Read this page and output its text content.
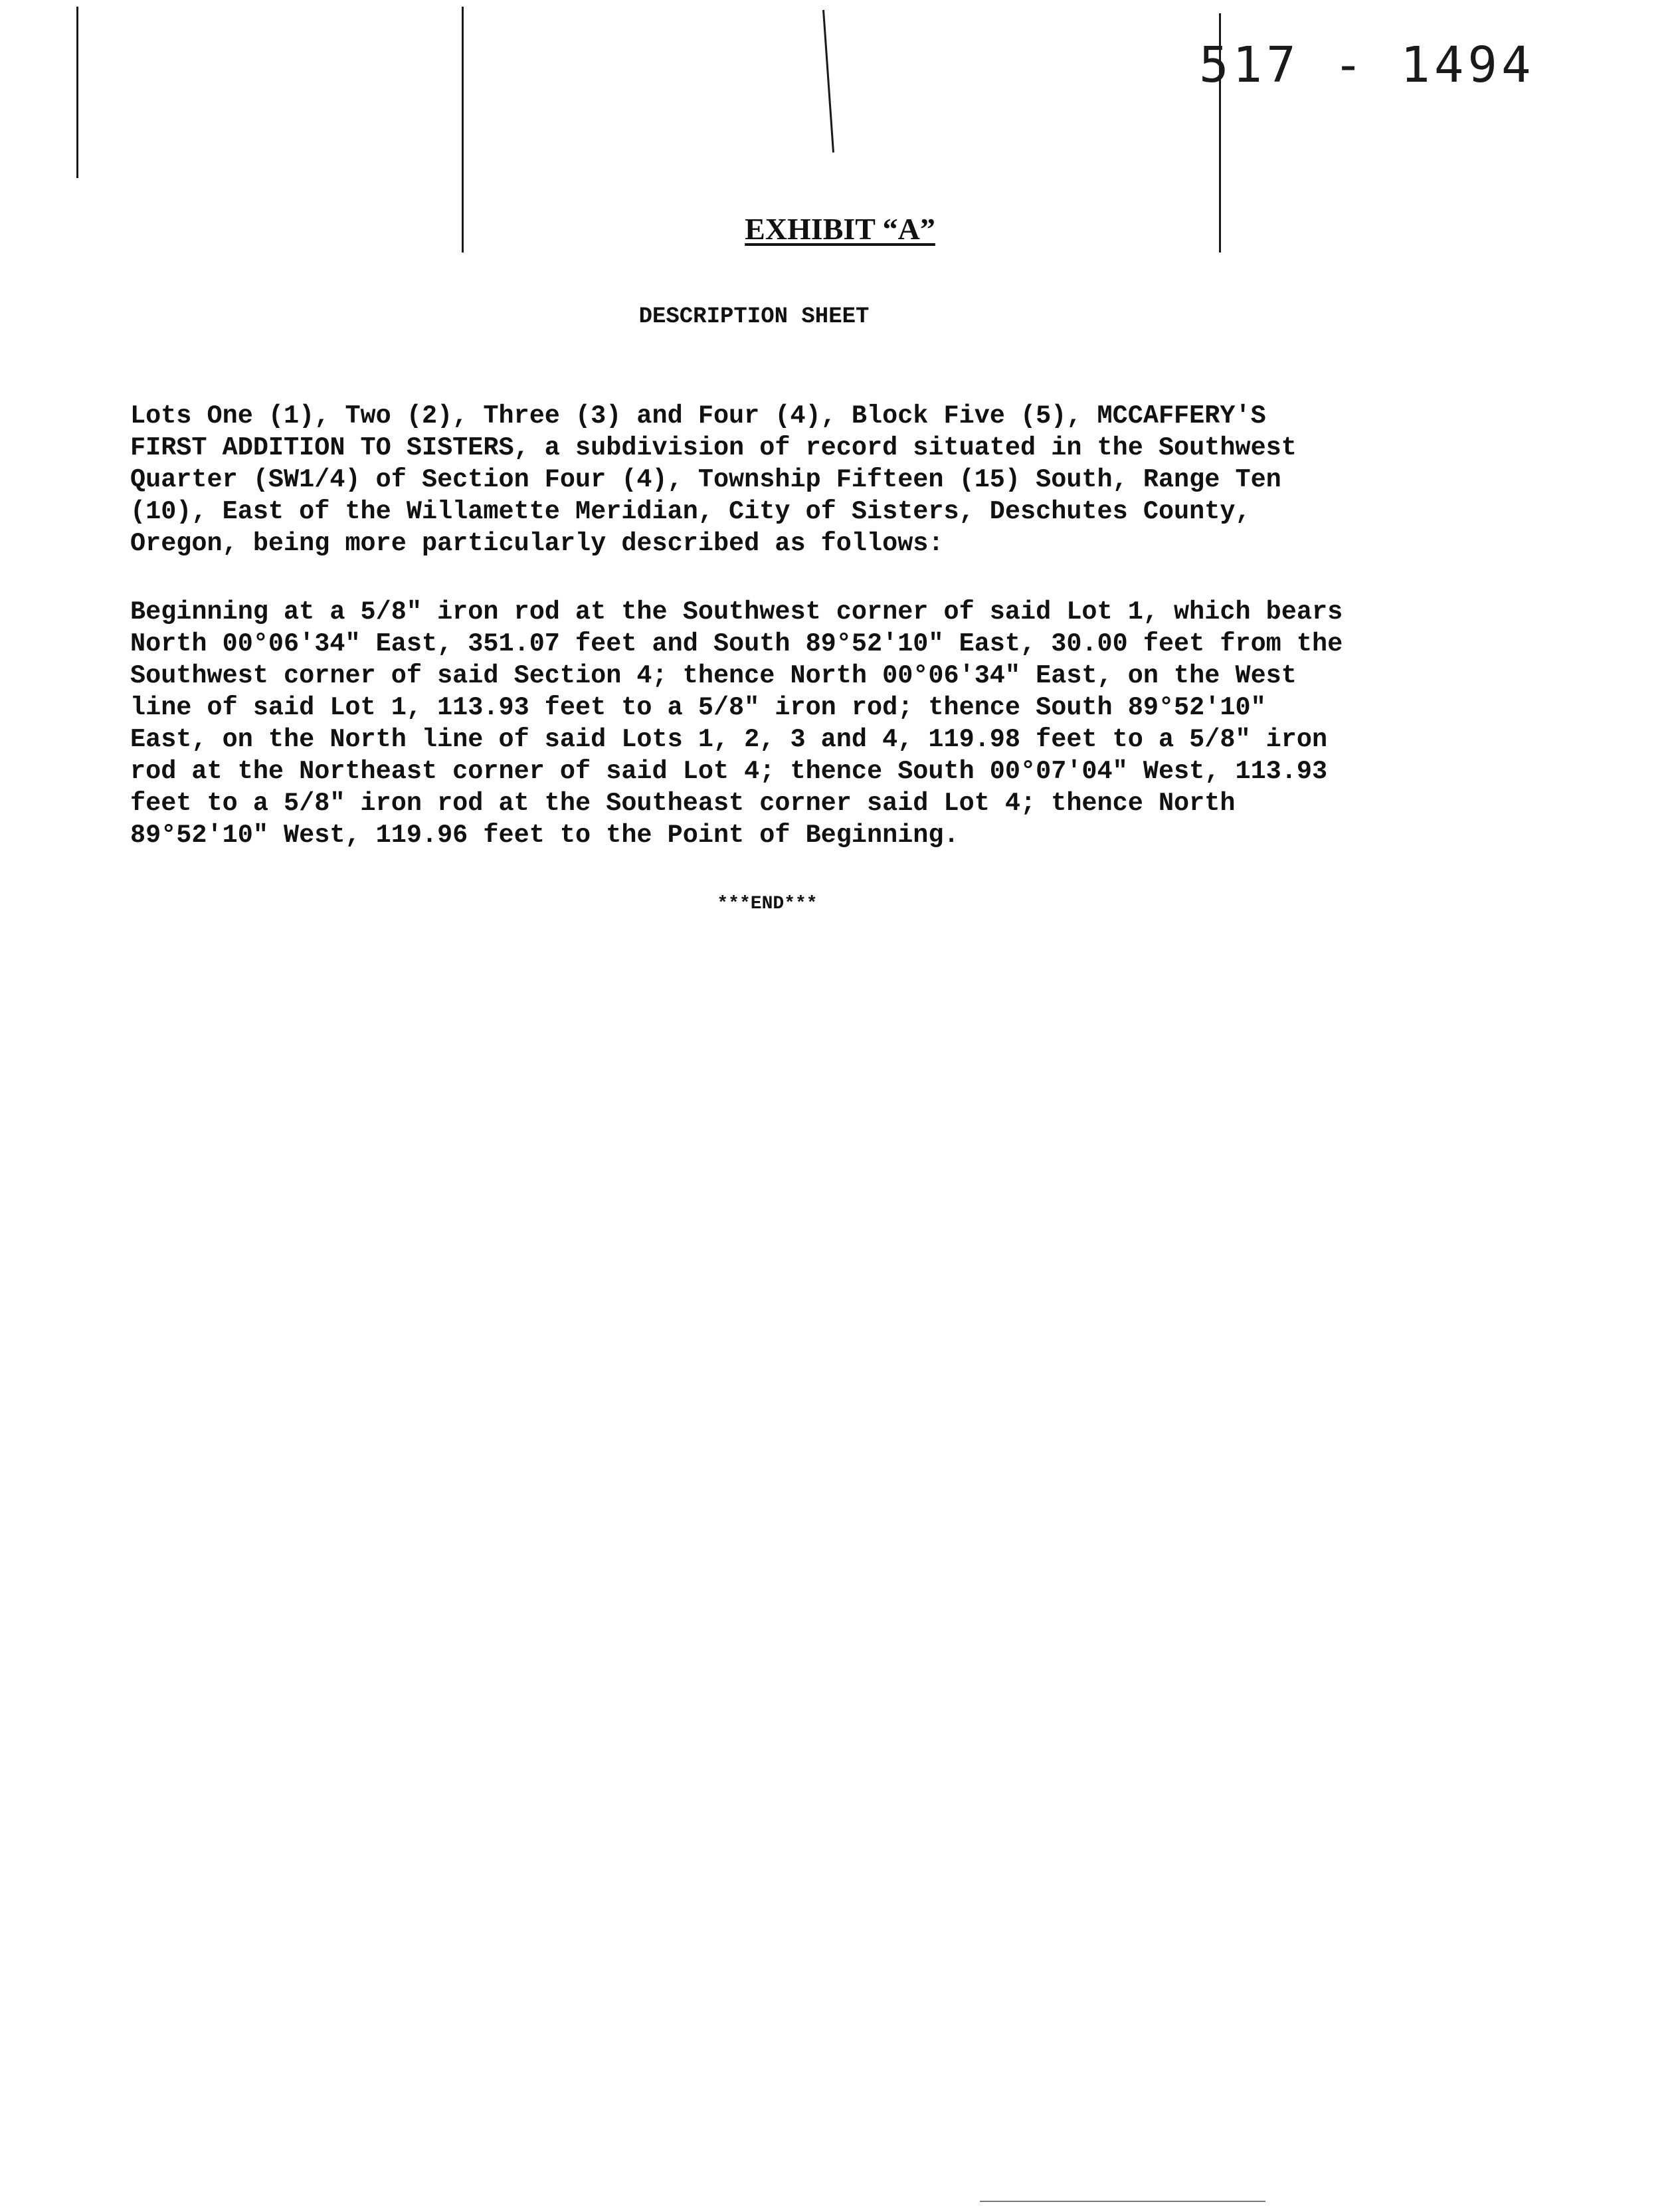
517 - 1494
EXHIBIT “A”
DESCRIPTION SHEET
Lots One (1), Two (2), Three (3) and Four (4), Block Five (5), MCCAFFERY'S
FIRST ADDITION TO SISTERS, a subdivision of record situated in the Southwest
Quarter (SW1/4) of Section Four (4), Township Fifteen (15) South, Range Ten
(10), East of the Willamette Meridian, City of Sisters, Deschutes County,
Oregon, being more particularly described as follows:
Beginning at a 5/8" iron rod at the Southwest corner of said Lot 1, which bears
North 00°06'34" East, 351.07 feet and South 89°52'10" East, 30.00 feet from the
Southwest corner of said Section 4; thence North 00°06'34" East, on the West
line of said Lot 1, 113.93 feet to a 5/8" iron rod; thence South 89°52'10"
East, on the North line of said Lots 1, 2, 3 and 4, 119.98 feet to a 5/8" iron
rod at the Northeast corner of said Lot 4; thence South 00°07'04" West, 113.93
feet to a 5/8" iron rod at the Southeast corner said Lot 4; thence North
89°52'10" West, 119.96 feet to the Point of Beginning.
***END***
